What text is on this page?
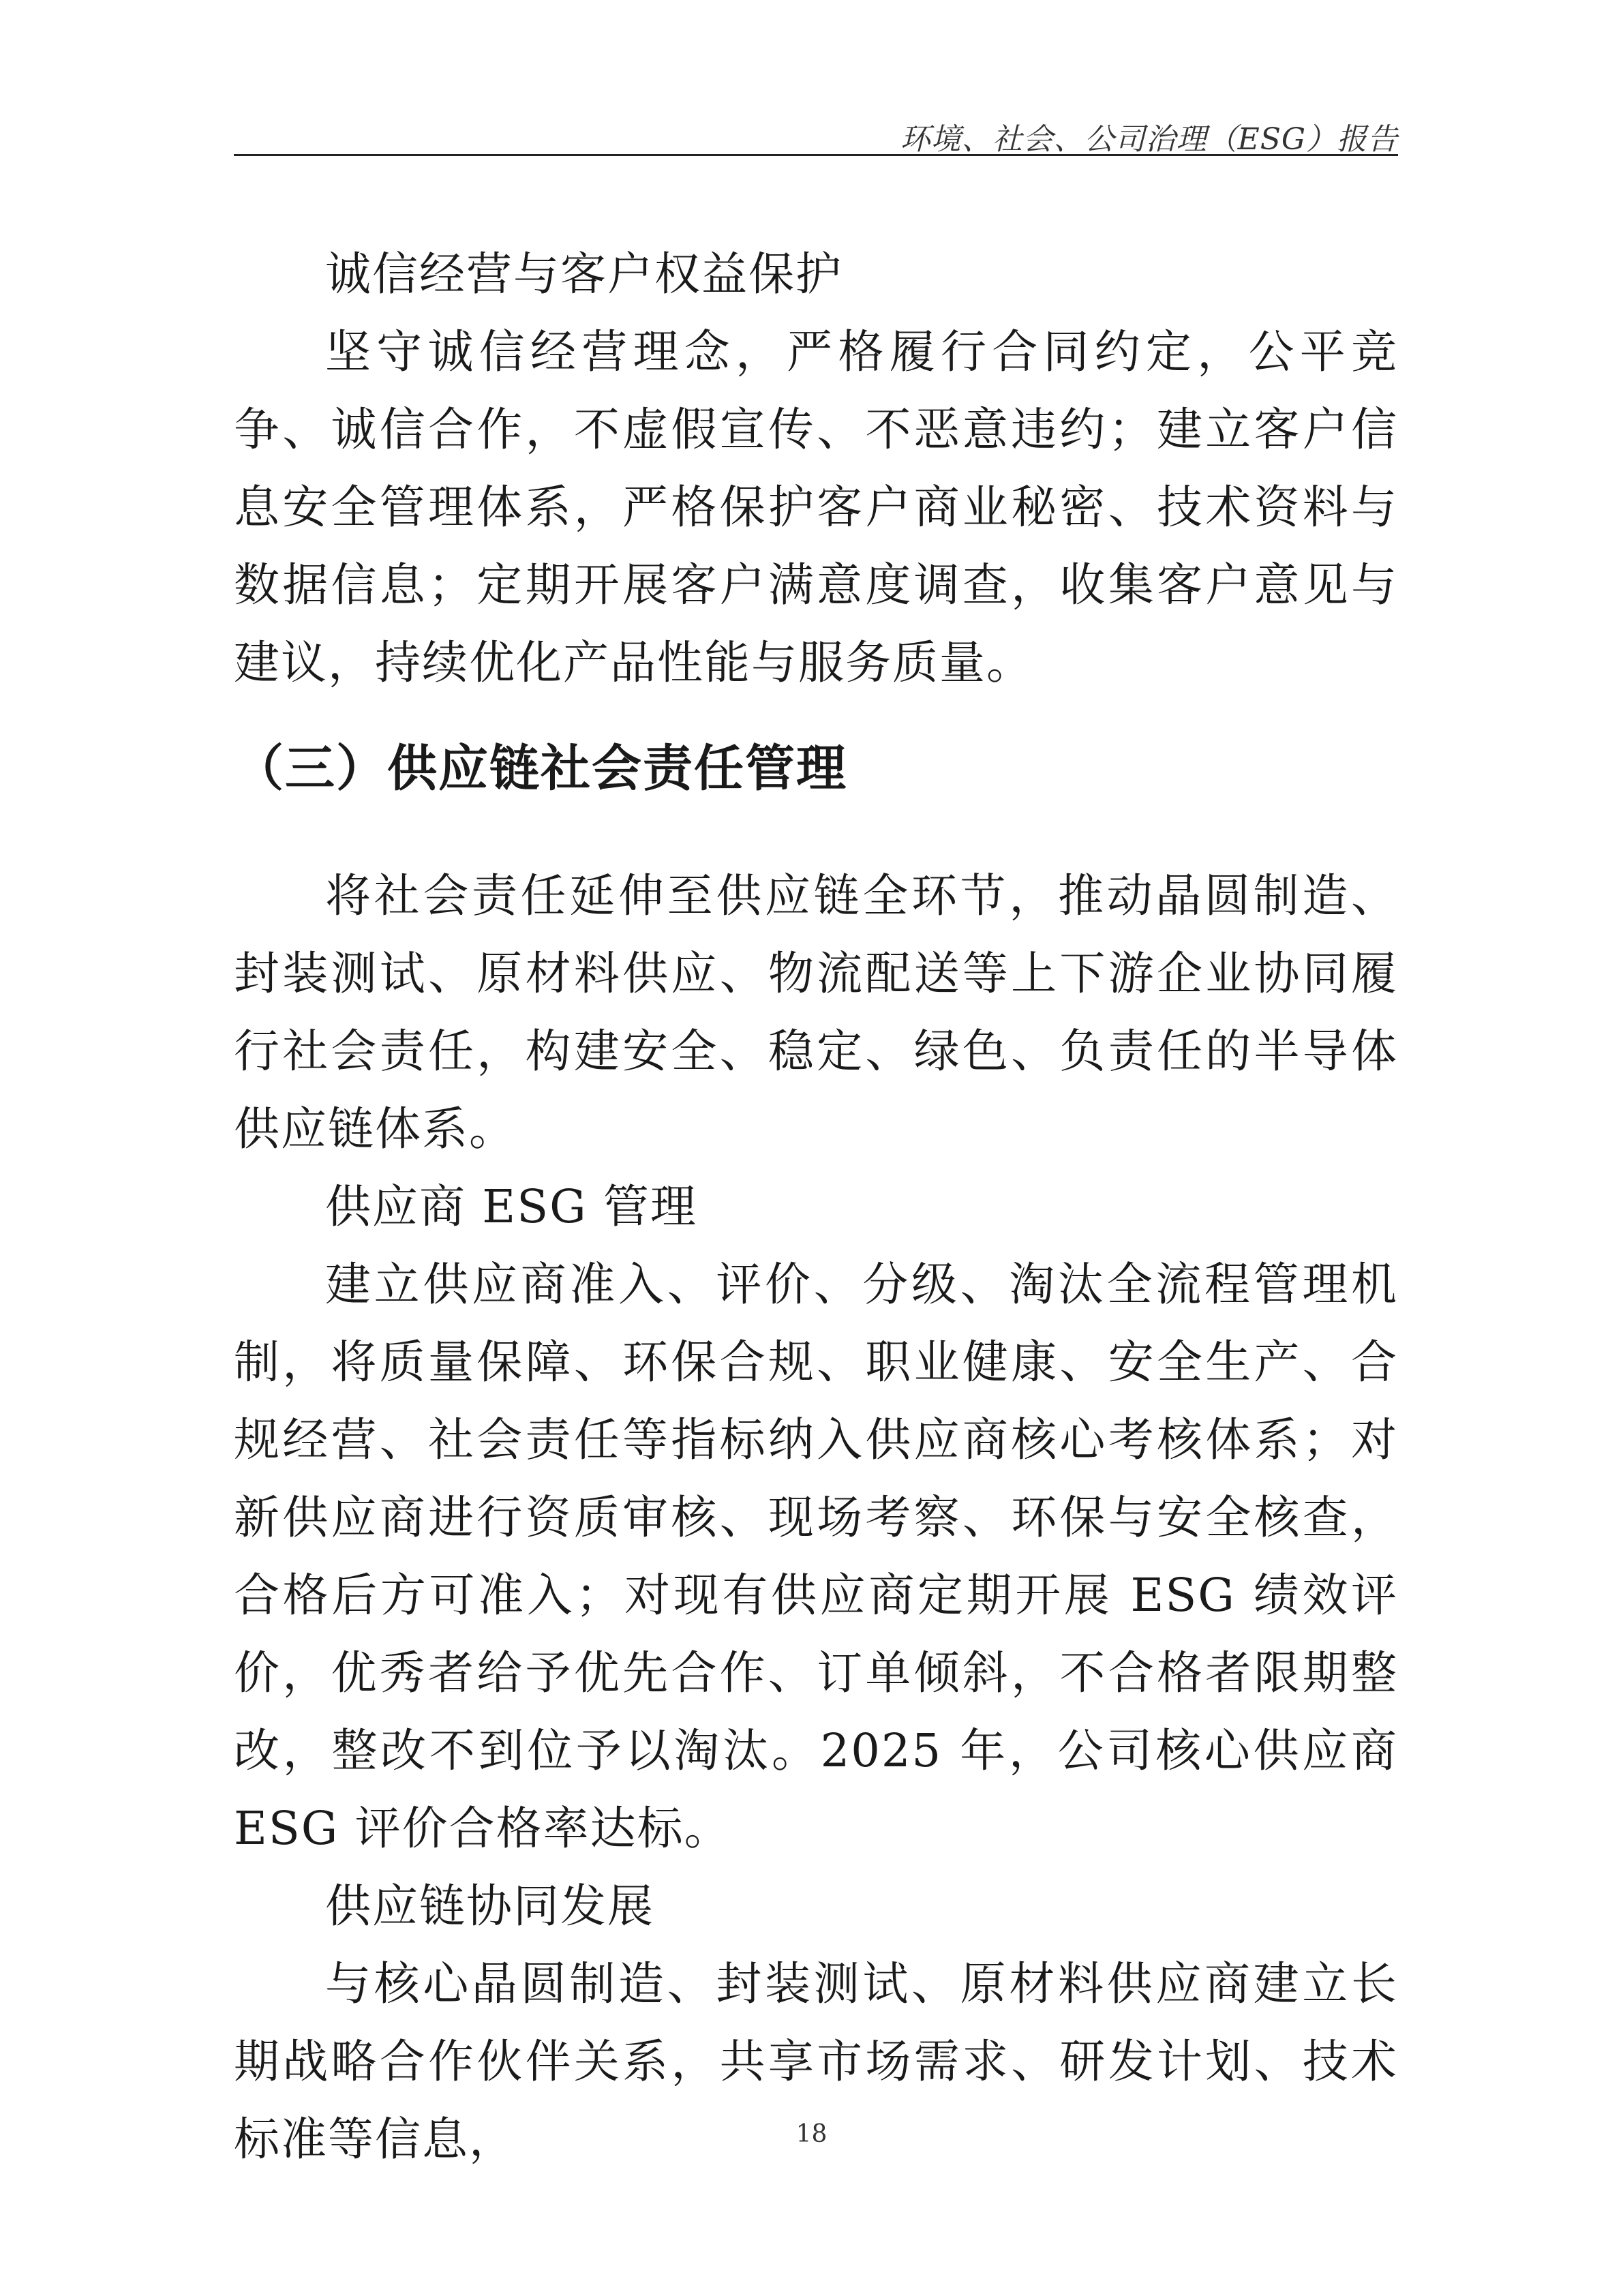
环境、社会、公司治理（ESG）报告

诚信经营与客户权益保护

坚守诚信经营理念，严格履行合同约定，公平竞争、诚信合作，不虚假宣传、不恶意违约；建立客户信息安全管理体系，严格保护客户商业秘密、技术资料与数据信息；定期开展客户满意度调查，收集客户意见与建议，持续优化产品性能与服务质量。

（三）供应链社会责任管理

将社会责任延伸至供应链全环节，推动晶圆制造、封装测试、原材料供应、物流配送等上下游企业协同履行社会责任，构建安全、稳定、绿色、负责任的半导体供应链体系。

供应商 ESG 管理

建立供应商准入、评价、分级、淘汰全流程管理机制，将质量保障、环保合规、职业健康、安全生产、合规经营、社会责任等指标纳入供应商核心考核体系；对新供应商进行资质审核、现场考察、环保与安全核查，合格后方可准入；对现有供应商定期开展 ESG 绩效评价，优秀者给予优先合作、订单倾斜，不合格者限期整改，整改不到位予以淘汰。2025 年，公司核心供应商 ESG 评价合格率达标。

供应链协同发展

与核心晶圆制造、封装测试、原材料供应商建立长期战略合作伙伴关系，共享市场需求、研发计划、技术标准等信息，	18
